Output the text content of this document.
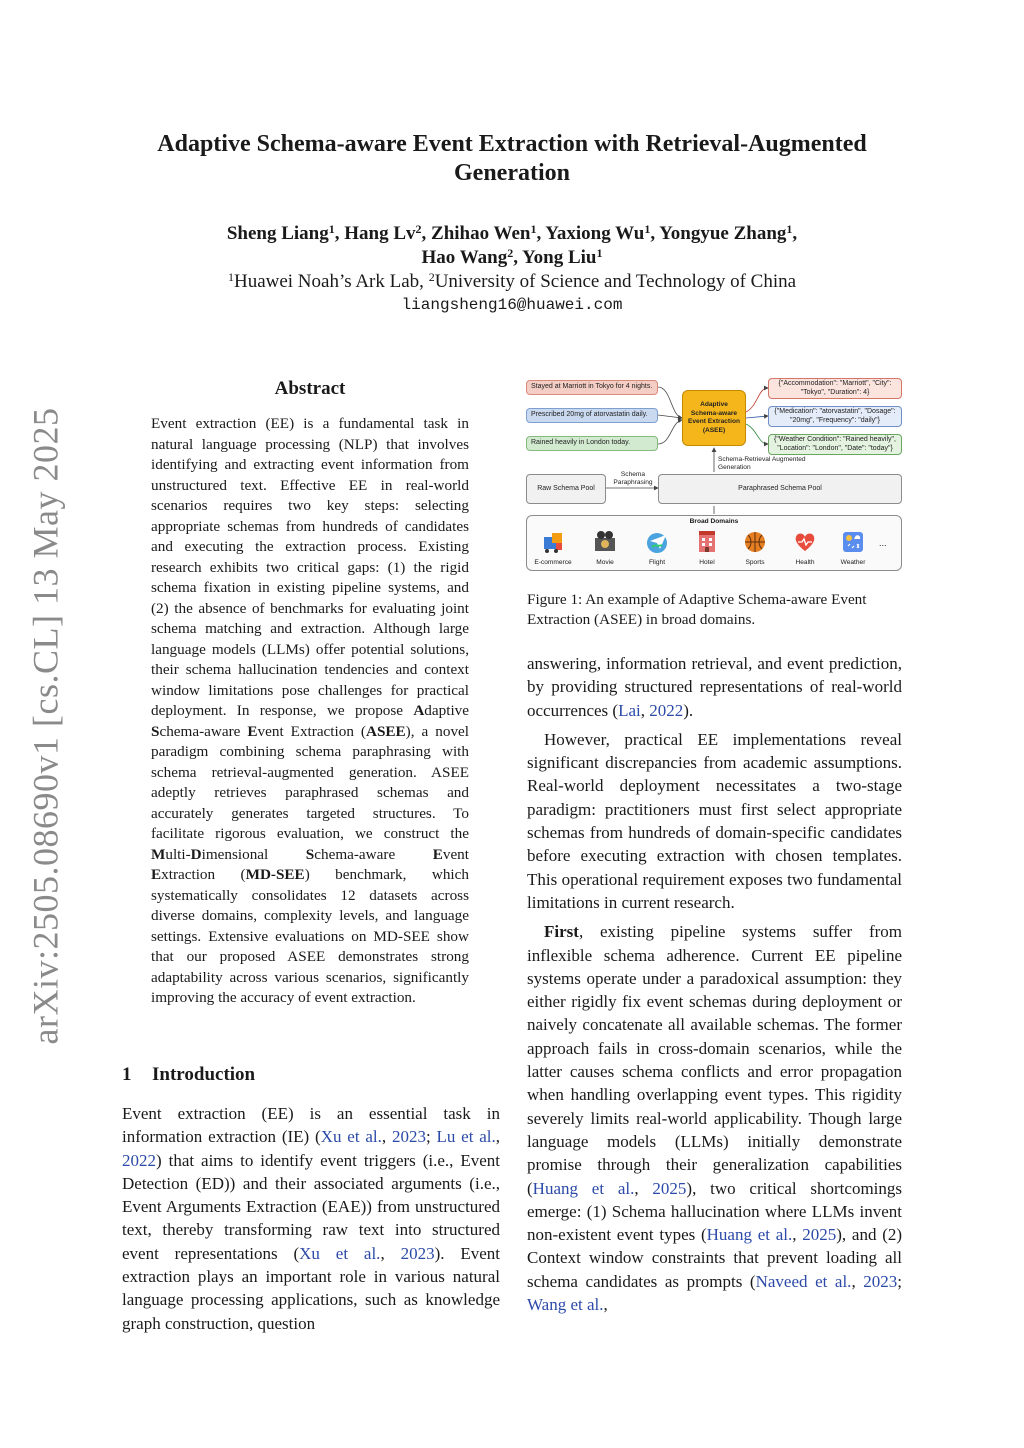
arXiv:2505.08690v1 [cs.CL] 13 May 2025
Adaptive Schema-aware Event Extraction with Retrieval-Augmented
Generation
Sheng Liang$^1$, Hang Lv$^2$, Zhihao Wen$^1$, Yaxiong Wu$^1$, Yongyue Zhang$^1$,
Hao Wang$^2$, Yong Liu$^1$
$^1$Huawei Noah’s Ark Lab, $^2$University of Science and Technology of China
liangsheng16@huawei.com
Abstract
Event extraction (EE) is a fundamental task in natural language processing (NLP) that involves identifying and extracting event information from unstructured text. Effective EE in real-world scenarios requires two key steps: selecting appropriate schemas from hundreds of candidates and executing the extraction process. Existing research exhibits two critical gaps: (1) the rigid schema fixation in existing pipeline systems, and (2) the absence of benchmarks for evaluating joint schema matching and extraction. Although large language models (LLMs) offer potential solutions, their schema hallucination tendencies and context window limitations pose challenges for practical deployment. In response, we propose Adaptive Schema-aware Event Extraction (ASEE), a novel paradigm combining schema paraphrasing with schema retrieval-augmented generation. ASEE adeptly retrieves paraphrased schemas and accurately generates targeted structures. To facilitate rigorous evaluation, we construct the Multi-Dimensional Schema-aware Event Extraction (MD-SEE) benchmark, which systematically consolidates 12 datasets across diverse domains, complexity levels, and language settings. Extensive evaluations on MD-SEE show that our proposed ASEE demonstrates strong adaptability across various scenarios, significantly improving the accuracy of event extraction.
1 Introduction
Event extraction (EE) is an essential task in information extraction (IE) (Xu et al., 2023; Lu et al., 2022) that aims to identify event triggers (i.e., Event Detection (ED)) and their associated arguments (i.e., Event Arguments Extraction (EAE)) from unstructured text, thereby transforming raw text into structured event representations (Xu et al., 2023). Event extraction plays an important role in various natural language processing applications, such as knowledge graph construction, question
Stayed at Marriott in Tokyo for 4 nights.
Prescribed 20mg of atorvastatin daily.
Rained heavily in London today.
Adaptive Schema-aware Event Extraction (ASEE)
{"Accommodation": "Marriott", "City": "Tokyo", "Duration": 4}
{"Medication": "atorvastatin", "Dosage": "20mg", "Frequency": "daily"}
{"Weather Condition": "Rained heavily", "Location": "London", "Date": "today"}
Schema-Retrieval Augmented Generation
Schema Paraphrasing
Raw Schema Pool	Paraphrased Schema Pool
Broad Domains
E-commerce	Movie	Flight	Hotel	Sports	Health	Weather
...
Figure 1: An example of Adaptive Schema-aware Event Extraction (ASEE) in broad domains.

answering, information retrieval, and event prediction, by providing structured representations of real-world occurrences (Lai, 2022).

However, practical EE implementations reveal significant discrepancies from academic assumptions. Real-world deployment necessitates a two-stage paradigm: practitioners must first select appropriate schemas from hundreds of domain-specific candidates before executing extraction with chosen templates. This operational requirement exposes two fundamental limitations in current research.

First, existing pipeline systems suffer from inflexible schema adherence. Current EE pipeline systems operate under a paradoxical assumption: they either rigidly fix event schemas during deployment or naively concatenate all available schemas. The former approach fails in cross-domain scenarios, while the latter causes schema conflicts and error propagation when handling overlapping event types. This rigidity severely limits real-world applicability. Though large language models (LLMs) initially demonstrate promise through their generalization capabilities (Huang et al., 2025), two critical shortcomings emerge: (1) Schema hallucination where LLMs invent non-existent event types (Huang et al., 2025), and (2) Context window constraints that prevent loading all schema candidates as prompts (Naveed et al., 2023; Wang et al.,
